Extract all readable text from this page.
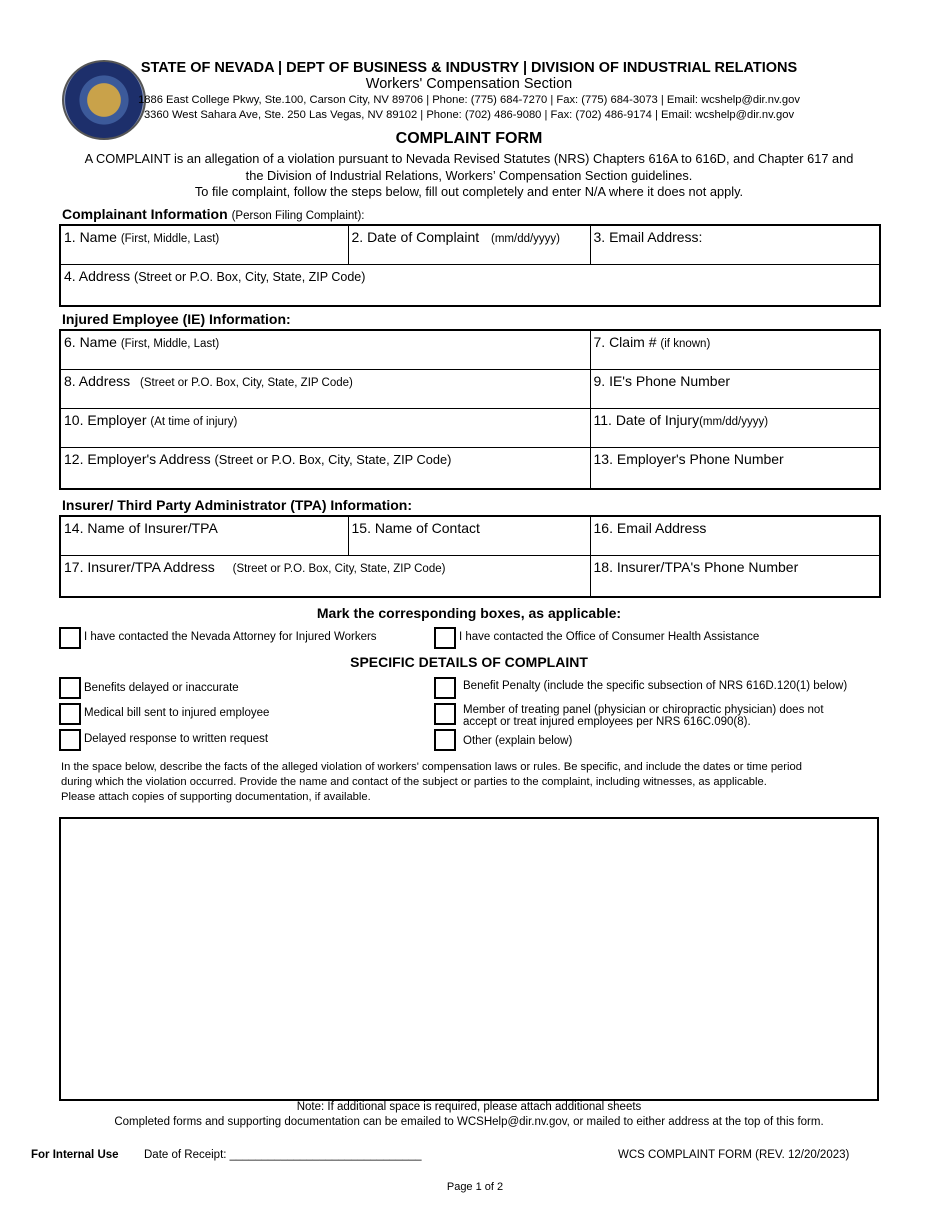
STATE OF NEVADA | DEPT OF BUSINESS & INDUSTRY | DIVISION OF INDUSTRIAL RELATIONS
Workers' Compensation Section
1886 East College Pkwy, Ste.100, Carson City, NV 89706 | Phone: (775) 684-7270 | Fax: (775) 684-3073 | Email: wcshelp@dir.nv.gov
3360 West Sahara Ave, Ste. 250 Las Vegas, NV 89102 | Phone: (702) 486-9080 | Fax: (702) 486-9174 | Email: wcshelp@dir.nv.gov
COMPLAINT FORM
A COMPLAINT is an allegation of a violation pursuant to Nevada Revised Statutes (NRS) Chapters 616A to 616D, and Chapter 617 and
the Division of Industrial Relations, Workers’ Compensation Section guidelines.
To file complaint, follow the steps below, fill out completely and enter N/A where it does not apply.
Complainant Information (Person Filing Complaint):
1. Name (First, Middle, Last)	2. Date of Complaint (mm/dd/yyyy)	3. Email Address:
4. Address (Street or P.O. Box, City, State, ZIP Code)
Injured Employee (IE) Information:
6. Name (First, Middle, Last)	7. Claim # (if known)
8. Address (Street or P.O. Box, City, State, ZIP Code)	9. IE's Phone Number
10. Employer (At time of injury)	11. Date of Injury(mm/dd/yyyy)
12. Employer's Address (Street or P.O. Box, City, State, ZIP Code)	13. Employer's Phone Number
Insurer/ Third Party Administrator (TPA) Information:
14. Name of Insurer/TPA	15. Name of Contact	16. Email Address
17. Insurer/TPA Address (Street or P.O. Box, City, State, ZIP Code)		18. Insurer/TPA's Phone Number
Mark the corresponding boxes, as applicable:
I have contacted the Nevada Attorney for Injured Workers	I have contacted the Office of Consumer Health Assistance
SPECIFIC DETAILS OF COMPLAINT
Benefits delayed or inaccurate
Medical bill sent to injured employee
Delayed response to written request
Benefit Penalty (include the specific subsection of NRS 616D.120(1) below)
Member of treating panel (physician or chiropractic physician) does not
accept or treat injured employees per NRS 616C.090(8).
Other (explain below)
In the space below, describe the facts of the alleged violation of workers' compensation laws or rules. Be specific, and include the dates or time period
during which the violation occurred. Provide the name and contact of the subject or parties to the complaint, including witnesses, as applicable.
Please attach copies of supporting documentation, if available.
Note: If additional space is required, please attach additional sheets
Completed forms and supporting documentation can be emailed to WCSHelp@dir.nv.gov, or mailed to either address at the top of this form.
For Internal Use Date of Receipt: ______________________________	WCS COMPLAINT FORM (REV. 12/20/2023)
Page 1 of 2
